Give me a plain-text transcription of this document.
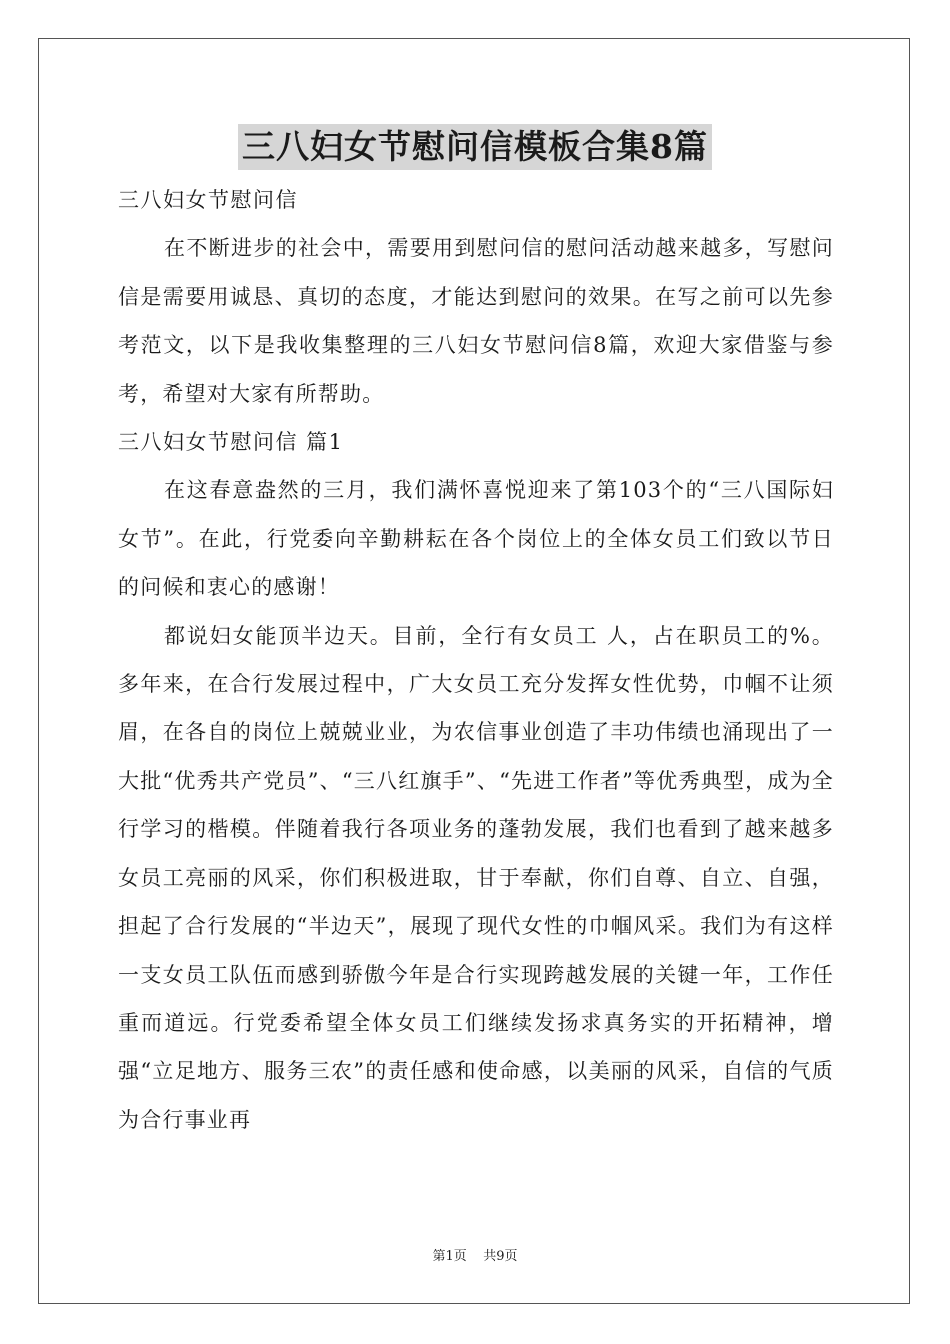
三八妇女节慰问信模板合集8篇

三八妇女节慰问信

在不断进步的社会中，需要用到慰问信的慰问活动越来越多，写慰问信是需要用诚恳、真切的态度，才能达到慰问的效果。在写之前可以先参考范文，以下是我收集整理的三八妇女节慰问信8篇，欢迎大家借鉴与参考，希望对大家有所帮助。

三八妇女节慰问信 篇1

在这春意盎然的三月，我们满怀喜悦迎来了第103个的“三八国际妇女节”。在此，行党委向辛勤耕耘在各个岗位上的全体女员工们致以节日的问候和衷心的感谢！

都说妇女能顶半边天。目前，全行有女员工 人，占在职员工的%。多年来，在合行发展过程中，广大女员工充分发挥女性优势，巾帼不让须眉，在各自的岗位上兢兢业业，为农信事业创造了丰功伟绩也涌现出了一大批“优秀共产党员”、“三八红旗手”、“先进工作者”等优秀典型，成为全行学习的楷模。伴随着我行各项业务的蓬勃发展，我们也看到了越来越多女员工亮丽的风采，你们积极进取，甘于奉献，你们自尊、自立、自强，担起了合行发展的“半边天”，展现了现代女性的巾帼风采。我们为有这样一支女员工队伍而感到骄傲今年是合行实现跨越发展的关键一年，工作任重而道远。行党委希望全体女员工们继续发扬求真务实的开拓精神，增强“立足地方、服务三农”的责任感和使命感，以美丽的风采，自信的气质为合行事业再

第1页 共9页
